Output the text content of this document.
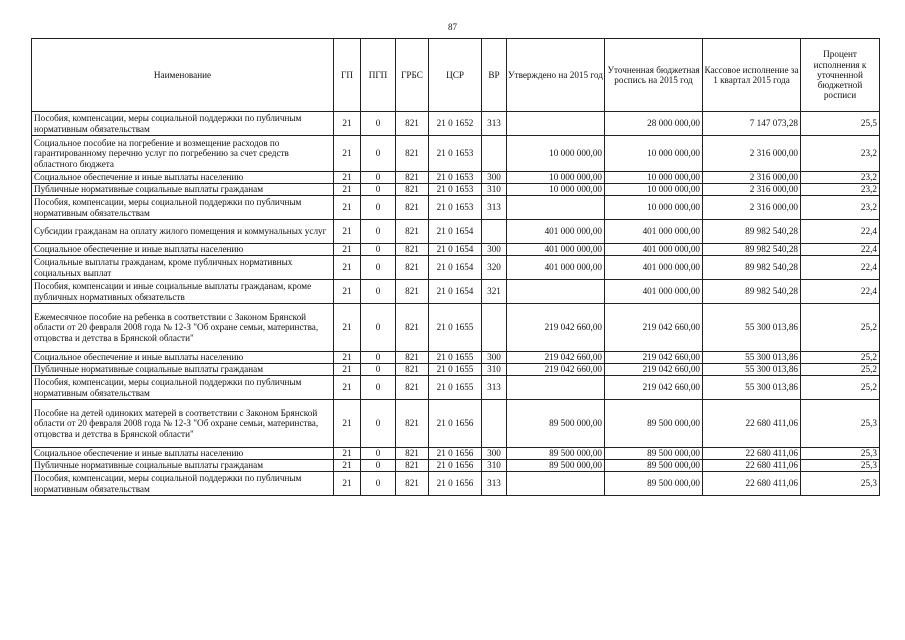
87
Наименование	ГП	ПГП	ГРБС	ЦСР	ВР	Утверждено на 2015 год	Уточненная бюджетная роспись на 2015 год	Кассовое исполнение за 1 квартал 2015 года	Процент исполнения к уточненной бюджетной росписи
Пособия, компенсации, меры социальной поддержки по публичным нормативным обязательствам	21	0	821	21 0 1652	313		28 000 000,00	7 147 073,28	25,5
Социальное пособие на погребение и возмещение расходов по гарантированному перечню услуг по погребению за счет средств областного бюджета	21	0	821	21 0 1653		10 000 000,00	10 000 000,00	2 316 000,00	23,2
Социальное обеспечение и иные выплаты населению	21	0	821	21 0 1653	300	10 000 000,00	10 000 000,00	2 316 000,00	23,2
Публичные нормативные социальные выплаты гражданам	21	0	821	21 0 1653	310	10 000 000,00	10 000 000,00	2 316 000,00	23,2
Пособия, компенсации, меры социальной поддержки по публичным нормативным обязательствам	21	0	821	21 0 1653	313		10 000 000,00	2 316 000,00	23,2
Субсидии гражданам на оплату жилого помещения и коммунальных услуг	21	0	821	21 0 1654		401 000 000,00	401 000 000,00	89 982 540,28	22,4
Социальное обеспечение и иные выплаты населению	21	0	821	21 0 1654	300	401 000 000,00	401 000 000,00	89 982 540,28	22,4
Социальные выплаты гражданам, кроме публичных нормативных социальных выплат	21	0	821	21 0 1654	320	401 000 000,00	401 000 000,00	89 982 540,28	22,4
Пособия, компенсации и иные социальные выплаты гражданам, кроме публичных нормативных обязательств	21	0	821	21 0 1654	321		401 000 000,00	89 982 540,28	22,4
Ежемесячное пособие на ребенка в соответствии с Законом Брянской области от 20 февраля 2008 года № 12-З "Об охране семьи, материнства, отцовства и детства в Брянской области"	21	0	821	21 0 1655		219 042 660,00	219 042 660,00	55 300 013,86	25,2
Социальное обеспечение и иные выплаты населению	21	0	821	21 0 1655	300	219 042 660,00	219 042 660,00	55 300 013,86	25,2
Публичные нормативные социальные выплаты гражданам	21	0	821	21 0 1655	310	219 042 660,00	219 042 660,00	55 300 013,86	25,2
Пособия, компенсации, меры социальной поддержки по публичным нормативным обязательствам	21	0	821	21 0 1655	313		219 042 660,00	55 300 013,86	25,2
Пособие на детей одиноких матерей в соответствии с Законом Брянской области от 20 февраля 2008 года № 12-З "Об охране семьи, материнства, отцовства и детства в Брянской области"	21	0	821	21 0 1656		89 500 000,00	89 500 000,00	22 680 411,06	25,3
Социальное обеспечение и иные выплаты населению	21	0	821	21 0 1656	300	89 500 000,00	89 500 000,00	22 680 411,06	25,3
Публичные нормативные социальные выплаты гражданам	21	0	821	21 0 1656	310	89 500 000,00	89 500 000,00	22 680 411,06	25,3
Пособия, компенсации, меры социальной поддержки по публичным нормативным обязательствам	21	0	821	21 0 1656	313		89 500 000,00	22 680 411,06	25,3
